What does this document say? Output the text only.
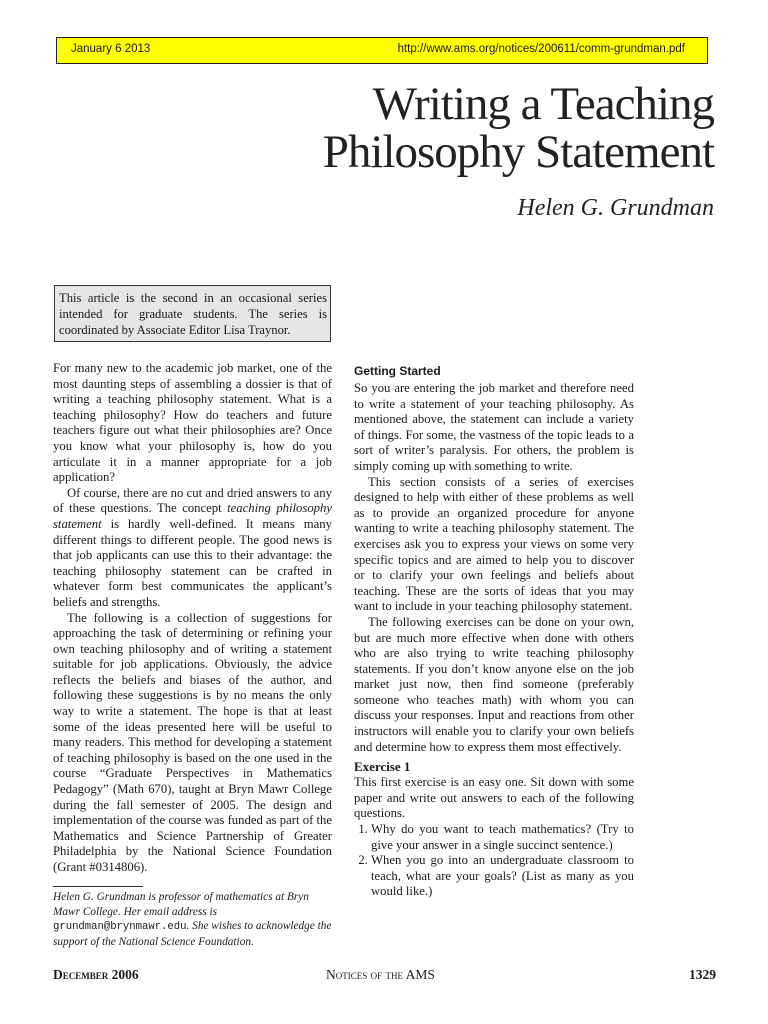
January 6 2013	http://www.ams.org/notices/200611/comm-grundman.pdf
Writing a Teaching
Philosophy Statement
Helen G. Grundman
This article is the second in an occasional series intended for graduate students. The series is coordinated by Associate Editor Lisa Traynor.

For many new to the academic job market, one of the most daunting steps of assembling a dossier is that of writing a teaching philosophy statement. What is a teaching philosophy? How do teachers and future teachers figure out what their philosophies are? Once you know what your philosophy is, how do you articulate it in a manner appropriate for a job application?

Of course, there are no cut and dried answers to any of these questions. The concept teaching philosophy statement is hardly well-defined. It means many different things to different people. The good news is that job applicants can use this to their advantage: the teaching philosophy statement can be crafted in whatever form best communicates the applicant’s beliefs and strengths.

The following is a collection of suggestions for approaching the task of determining or refining your own teaching philosophy and of writing a statement suitable for job applications. Obviously, the advice reflects the beliefs and biases of the author, and following these suggestions is by no means the only way to write a statement. The hope is that at least some of the ideas presented here will be useful to many readers. This method for developing a statement of teaching philosophy is based on the one used in the course “Graduate Perspectives in Mathematics Pedagogy” (Math 670), taught at Bryn Mawr College during the fall semester of 2005. The design and implementation of the course was funded as part of the Mathematics and Science Partnership of Greater Philadelphia by the National Science Foundation (Grant #0314806).

Helen G. Grundman is professor of mathematics at Bryn Mawr College. Her email address is grundman@brynmawr.edu. She wishes to acknowledge the support of the National Science Foundation.
Getting Started

So you are entering the job market and therefore need to write a statement of your teaching philosophy. As mentioned above, the statement can include a variety of things. For some, the vastness of the topic leads to a sort of writer’s paralysis. For others, the problem is simply coming up with something to write.

This section consists of a series of exercises designed to help with either of these problems as well as to provide an organized procedure for anyone wanting to write a teaching philosophy statement. The exercises ask you to express your views on some very specific topics and are aimed to help you to discover or to clarify your own feelings and beliefs about teaching. These are the sorts of ideas that you may want to include in your teaching philosophy statement.

The following exercises can be done on your own, but are much more effective when done with others who are also trying to write teaching philosophy statements. If you don’t know anyone else on the job market just now, then find someone (preferably someone who teaches math) with whom you can discuss your responses. Input and reactions from other instructors will enable you to clarify your own beliefs and determine how to express them most effectively.

Exercise 1

This first exercise is an easy one. Sit down with some paper and write out answers to each of the following questions.

1. Why do you want to teach mathematics? (Try to give your answer in a single succinct sentence.)
2. When you go into an undergraduate classroom to teach, what are your goals? (List as many as you would like.)
December 2006	Notices of the AMS	1329
